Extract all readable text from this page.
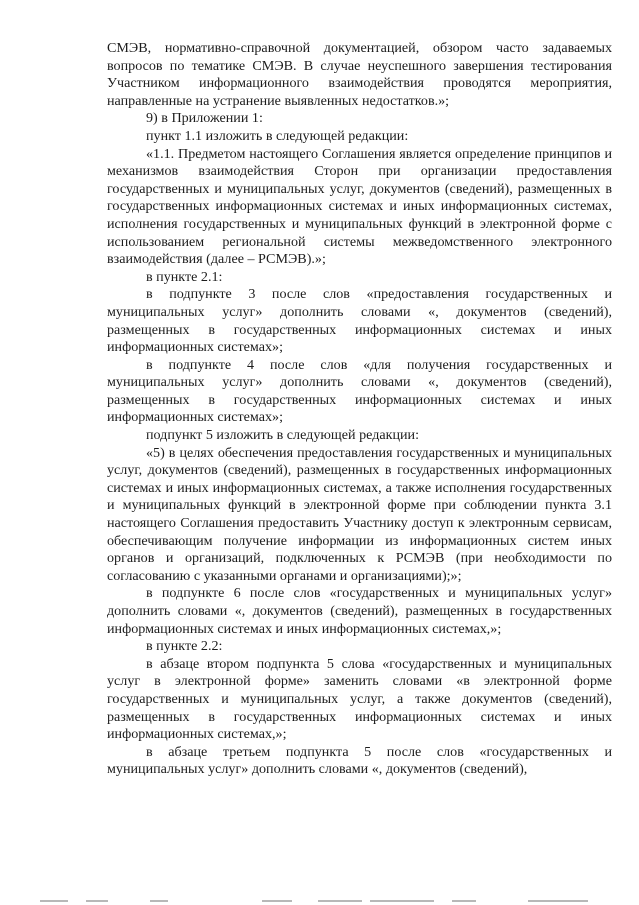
СМЭВ, нормативно-справочной документацией, обзором часто задаваемых вопросов по тематике СМЭВ. В случае неуспешного завершения тестирования Участником информационного взаимодействия проводятся мероприятия, направленные на устранение выявленных недостатков.»;

9) в Приложении 1:

пункт 1.1 изложить в следующей редакции:

«1.1. Предметом настоящего Соглашения является определение принципов и механизмов взаимодействия Сторон при организации предоставления государственных и муниципальных услуг, документов (сведений), размещенных в государственных информационных системах и иных информационных системах, исполнения государственных и муниципальных функций в электронной форме с использованием региональной системы межведомственного электронного взаимодействия (далее – РСМЭВ).»;

в пункте 2.1:

в подпункте 3 после слов «предоставления государственных и муниципальных услуг» дополнить словами «, документов (сведений), размещенных в государственных информационных системах и иных информационных системах»;

в подпункте 4 после слов «для получения государственных и муниципальных услуг» дополнить словами «, документов (сведений), размещенных в государственных информационных системах и иных информационных системах»;

подпункт 5 изложить в следующей редакции:

«5) в целях обеспечения предоставления государственных и муниципальных услуг, документов (сведений), размещенных в государственных информационных системах и иных информационных системах, а также исполнения государственных и муниципальных функций в электронной форме при соблюдении пункта 3.1 настоящего Соглашения предоставить Участнику доступ к электронным сервисам, обеспечивающим получение информации из информационных систем иных органов и организаций, подключенных к РСМЭВ (при необходимости по согласованию с указанными органами и организациями);»;

в подпункте 6 после слов «государственных и муниципальных услуг» дополнить словами «, документов (сведений), размещенных в государственных информационных системах и иных информационных системах,»;

в пункте 2.2:

в абзаце втором подпункта 5 слова «государственных и муниципальных услуг в электронной форме» заменить словами «в электронной форме государственных и муниципальных услуг, а также документов (сведений), размещенных в государственных информационных системах и иных информационных системах,»;

в абзаце третьем подпункта 5 после слов «государственных и муниципальных услуг» дополнить словами «, документов (сведений),
